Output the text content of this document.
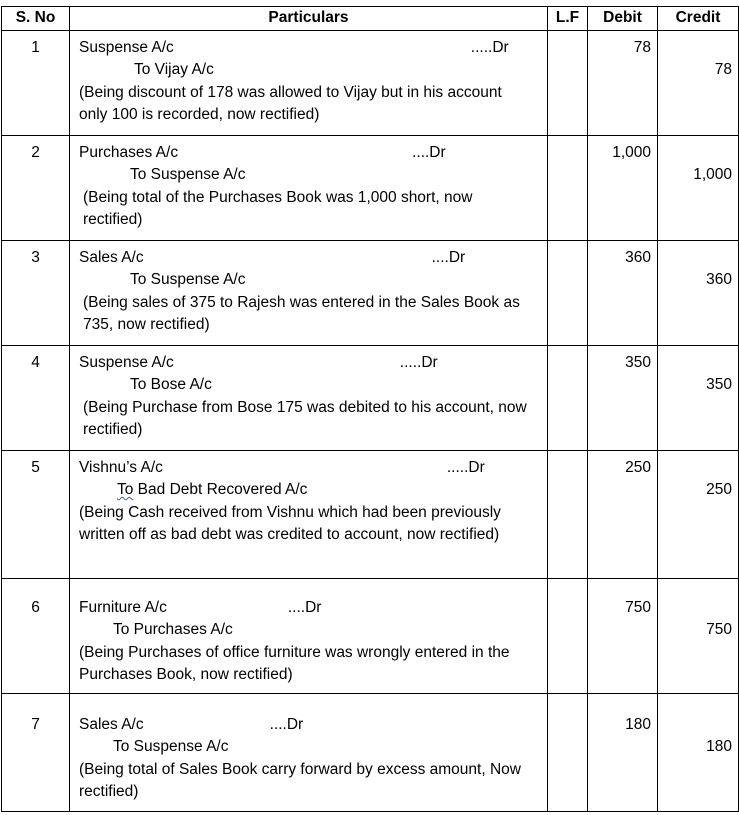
S. No	Particulars	L.F	Debit	Credit
1	Suspense A/c .....Dr
To Vijay A/c
(Being discount of 178 was allowed to Vijay but in his account only 100 is recorded, now rectified)		78	78

2	Purchases A/c ....Dr
To Suspense A/c
(Being total of the Purchases Book was 1,000 short, now rectified)		1,000	1,000

3	Sales A/c ....Dr
To Suspense A/c
(Being sales of 375 to Rajesh was entered in the Sales Book as 735, now rectified)		360	360

4	Suspense A/c .....Dr
To Bose A/c
(Being Purchase from Bose 175 was debited to his account, now rectified)		350	350

5	Vishnu’s A/c .....Dr
To Bad Debt Recovered A/c
(Being Cash received from Vishnu which had been previously written off as bad debt was credited to account, now rectified)		250	250

6	Furniture A/c ....Dr
To Purchases A/c
(Being Purchases of office furniture was wrongly entered in the Purchases Book, now rectified)		750	750

7	Sales A/c ....Dr
To Suspense A/c
(Being total of Sales Book carry forward by excess amount, Now rectified)		180	180
